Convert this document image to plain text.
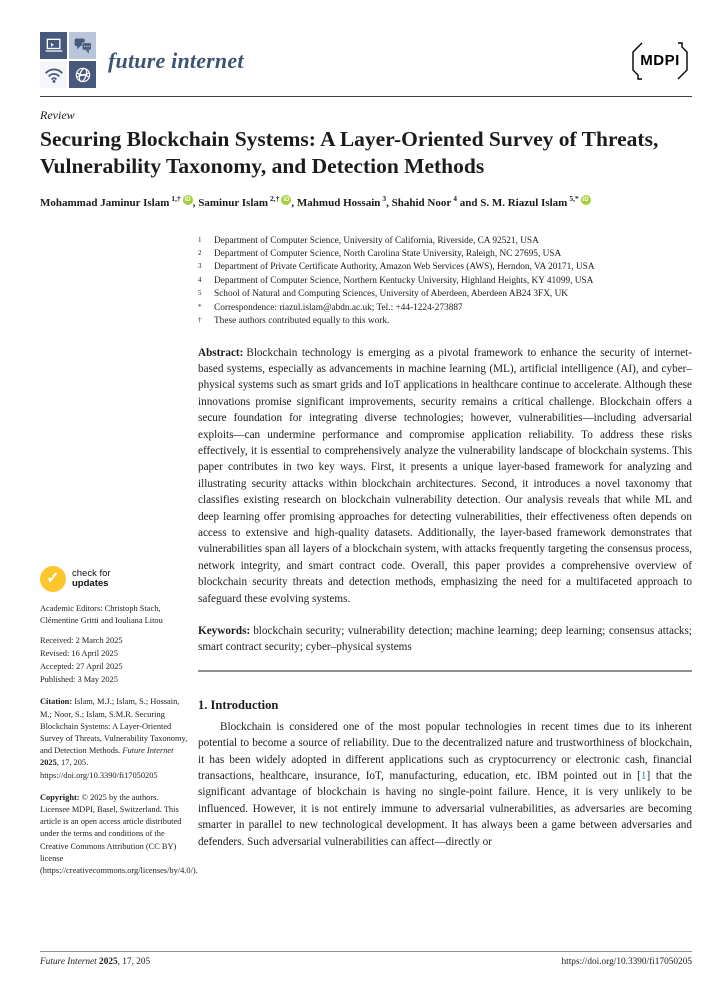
future internet	MDPI
Review
Securing Blockchain Systems: A Layer-Oriented Survey of Threats, Vulnerability Taxonomy, and Detection Methods
Mohammad Jaminur Islam $^{1,\dagger}$ iD , Saminur Islam $^{2,\dagger}$ iD , Mahmud Hossain $^3$, Shahid Noor $^4$ and S. M. Riazul Islam $^{5,*}$ iD
1	Department of Computer Science, University of California, Riverside, CA 92521, USA
2	Department of Computer Science, North Carolina State University, Raleigh, NC 27695, USA
3	Department of Private Certificate Authority, Amazon Web Services (AWS), Herndon, VA 20171, USA
4	Department of Computer Science, Northern Kentucky University, Highland Heights, KY 41099, USA
5	School of Natural and Computing Sciences, University of Aberdeen, Aberdeen AB24 3FX, UK
*	Correspondence: riazul.islam@abdn.ac.uk; Tel.: +44-1224-273887
†	These authors contributed equally to this work.

Abstract: Blockchain technology is emerging as a pivotal framework to enhance the security of internet-based systems, especially as advancements in machine learning (ML), artificial intelligence (AI), and cyber–physical systems such as smart grids and IoT applications in healthcare continue to accelerate. Although these innovations promise significant improvements, security remains a critical challenge. Blockchain offers a secure foundation for integrating diverse technologies; however, vulnerabilities—including adversarial exploits—can undermine performance and compromise application reliability. To address these risks effectively, it is essential to comprehensively analyze the vulnerability landscape of blockchain systems. This paper contributes in two key ways. First, it presents a unique layer-based framework for analyzing and illustrating security attacks within blockchain architectures. Second, it introduces a novel taxonomy that classifies existing research on blockchain vulnerability detection. Our analysis reveals that while ML and deep learning offer promising approaches for detecting vulnerabilities, their effectiveness often depends on access to extensive and high-quality datasets. Additionally, the layer-based framework demonstrates that vulnerabilities span all layers of a blockchain system, with attacks frequently targeting the consensus process, network integrity, and smart contract code. Overall, this paper provides a comprehensive overview of blockchain security threats and detection methods, emphasizing the need for a multifaceted approach to safeguard these evolving systems.

Keywords: blockchain security; vulnerability detection; machine learning; deep learning; consensus attacks; smart contract security; cyber–physical systems

1. Introduction

Blockchain is considered one of the most popular technologies in recent times due to its inherent potential to become a source of reliability. Due to the decentralized nature and trustworthiness of blockchain, it has been widely adopted in different applications such as cryptocurrency or electronic cash, financial transactions, healthcare, insurance, IoT, manufacturing, education, etc. IBM pointed out in [1] that the significant advantage of blockchain is having no single-point failure. Hence, it is very unlikely to be influenced. However, it is not entirely immune to adversarial vulnerabilities, as adversaries are becoming smarter in parallel to new technological development. It has always been a game between adversaries and defenders. Such adversarial vulnerabilities can affect—directly or

✓	check for
updates
Academic Editors: Christoph Stach, Clémentine Gritti and Iouliana Litou
Received: 2 March 2025
Revised: 16 April 2025
Accepted: 27 April 2025
Published: 3 May 2025
Citation: Islam, M.J.; Islam, S.; Hossain, M.; Noor, S.; Islam, S.M.R. Securing Blockchain Systems: A Layer-Oriented Survey of Threats, Vulnerability Taxonomy, and Detection Methods. Future Internet 2025, 17, 205. https://doi.org/10.3390/fi17050205
Copyright: © 2025 by the authors. Licensee MDPI, Basel, Switzerland. This article is an open access article distributed under the terms and conditions of the Creative Commons Attribution (CC BY) license (https://creativecommons.org/licenses/by/4.0/).
Future Internet 2025, 17, 205	https://doi.org/10.3390/fi17050205
